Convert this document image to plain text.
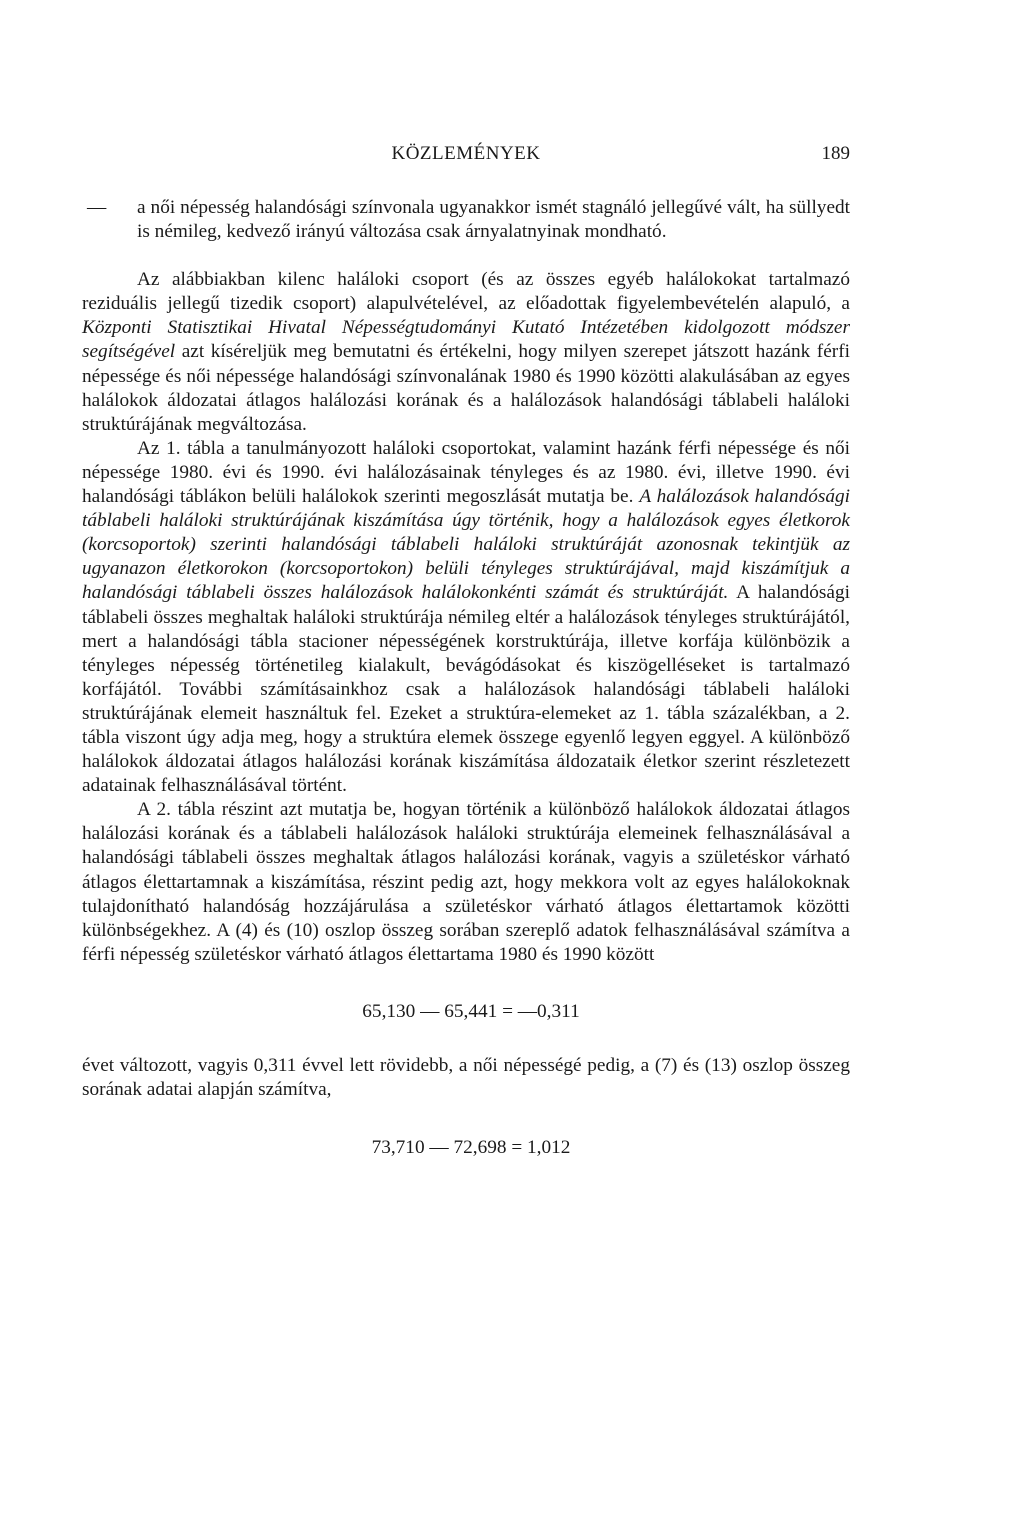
KÖZLEMÉNYEK	189
— a női népesség halandósági színvonala ugyanakkor ismét stagnáló jellegűvé vált, ha süllyedt is némileg, kedvező irányú változása csak árnyalatnyinak mondható.

Az alábbiakban kilenc haláloki csoport (és az összes egyéb halálokokat tartalmazó reziduális jellegű tizedik csoport) alapulvételével, az előadottak figyelembevételén alapuló, a Központi Statisztikai Hivatal Népességtudományi Kutató Intézetében kidolgozott módszer segítségével azt kíséreljük meg bemutatni és értékelni, hogy milyen szerepet játszott hazánk férfi népessége és női népessége halandósági színvonalának 1980 és 1990 közötti alakulásában az egyes halálokok áldozatai átlagos halálozási korának és a halálozások halandósági táblabeli haláloki struktúrájának megváltozása.

Az 1. tábla a tanulmányozott haláloki csoportokat, valamint hazánk férfi népessége és női népessége 1980. évi és 1990. évi halálozásainak tényleges és az 1980. évi, illetve 1990. évi halandósági táblákon belüli halálokok szerinti megoszlását mutatja be. A halálozások halandósági táblabeli haláloki struktúrájának kiszámítása úgy történik, hogy a halálozások egyes életkorok (korcsoportok) szerinti halandósági táblabeli haláloki struktúráját azonosnak tekintjük az ugyanazon életkorokon (korcsoportokon) belüli tényleges struktúrájával, majd kiszámítjuk a halandósági táblabeli összes halálozások halálokonkénti számát és struktúráját. A halandósági táblabeli összes meghaltak haláloki struktúrája némileg eltér a halálozások tényleges struktúrájától, mert a halandósági tábla stacioner népességének korstruktúrája, illetve korfája különbözik a tényleges népesség történetileg kialakult, bevágódásokat és kiszögelléseket is tartalmazó korfájától. További számításainkhoz csak a halálozások halandósági táblabeli haláloki struktúrájának elemeit használtuk fel. Ezeket a struktúra-elemeket az 1. tábla százalékban, a 2. tábla viszont úgy adja meg, hogy a struktúra elemek összege egyenlő legyen eggyel. A különböző halálokok áldozatai átlagos halálozási korának kiszámítása áldozataik életkor szerint részletezett adatainak felhasználásával történt.

A 2. tábla részint azt mutatja be, hogyan történik a különböző halálokok áldozatai átlagos halálozási korának és a táblabeli halálozások haláloki struktúrája elemeinek felhasználásával a halandósági táblabeli összes meghaltak átlagos halálozási korának, vagyis a születéskor várható átlagos élettartamnak a kiszámítása, részint pedig azt, hogy mekkora volt az egyes halálokoknak tulajdonítható halandóság hozzájárulása a születéskor várható átlagos élettartamok közötti különbségekhez. A (4) és (10) oszlop összeg sorában szereplő adatok felhasználásával számítva a férfi népesség születéskor várható átlagos élettartama 1980 és 1990 között

65,130 — 65,441 = —0,311

évet változott, vagyis 0,311 évvel lett rövidebb, a női népességé pedig, a (7) és (13) oszlop összeg sorának adatai alapján számítva,

73,710 — 72,698 = 1,012
